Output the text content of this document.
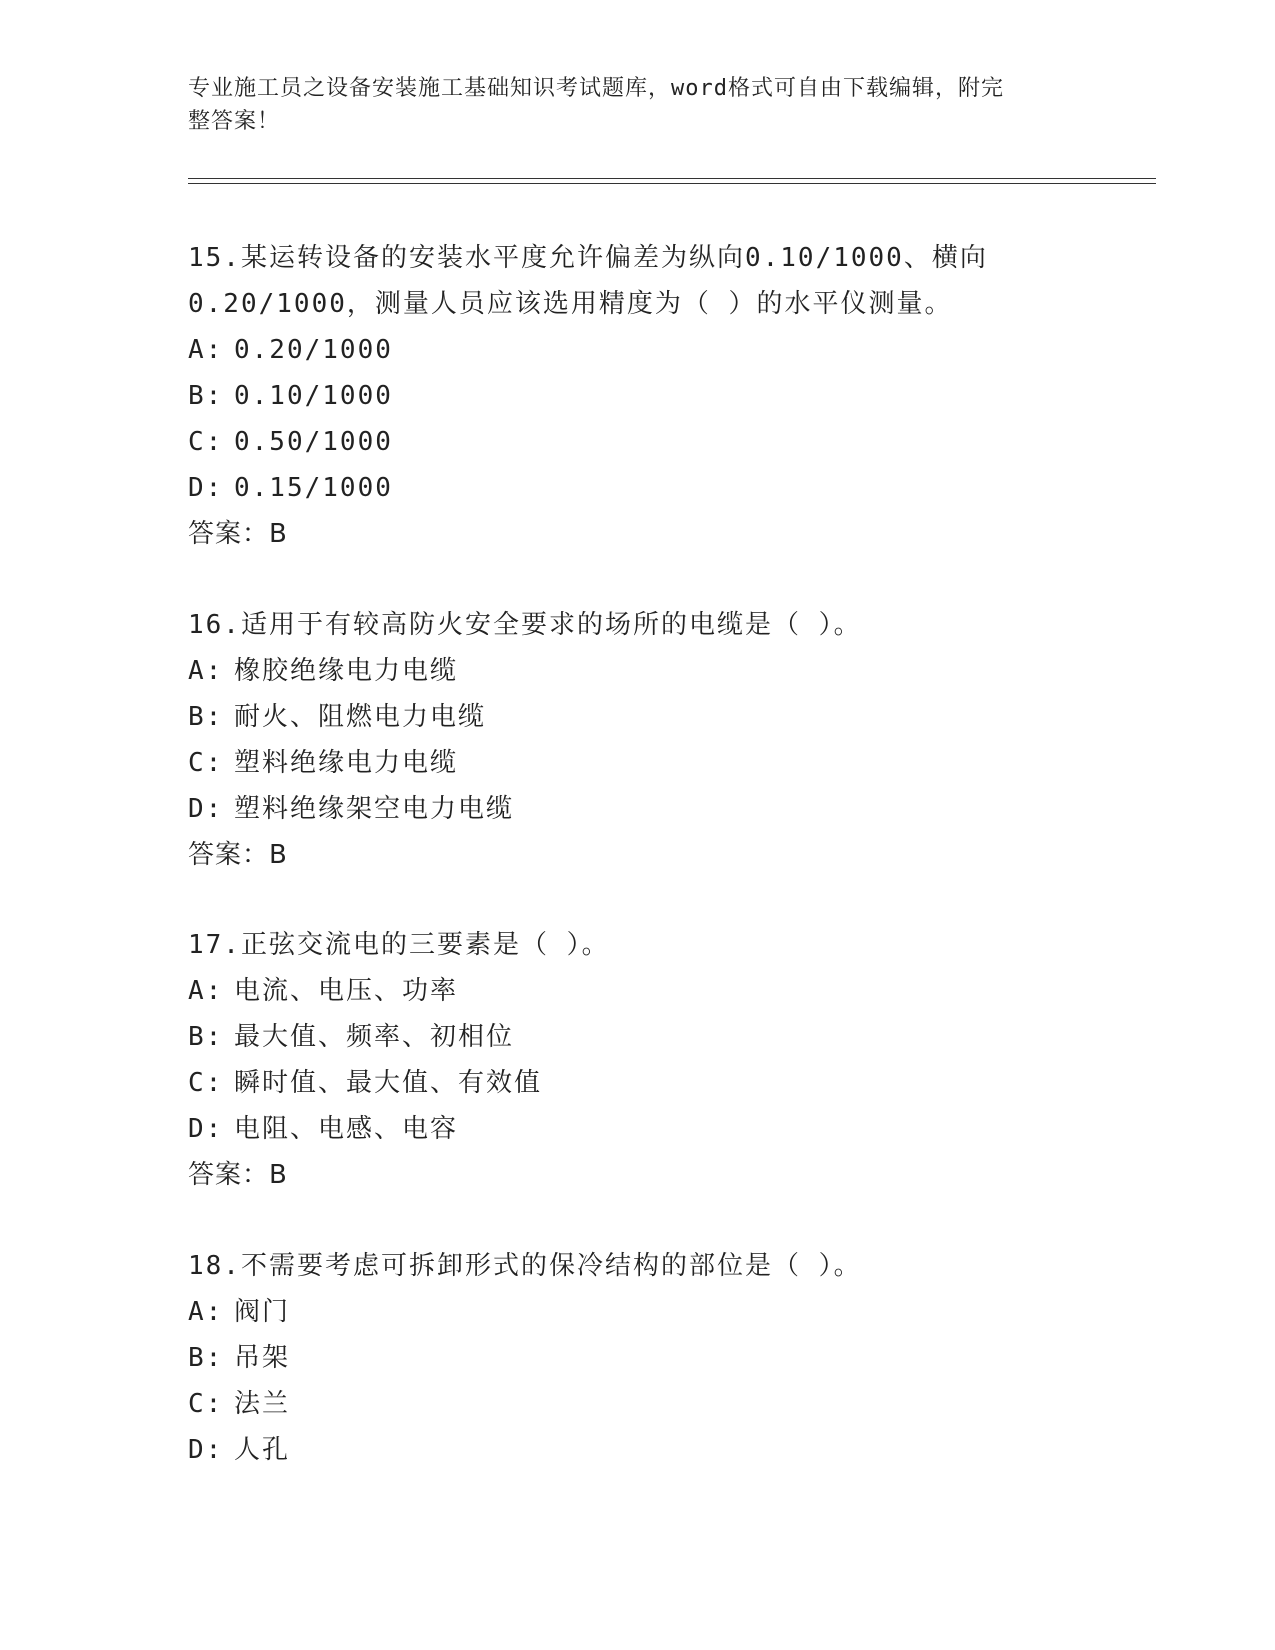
专业施工员之设备安装施工基础知识考试题库，word格式可自由下载编辑，附完
整答案！

15.某运转设备的安装水平度允许偏差为纵向0.10/1000、横向

0.20/1000，测量人员应该选用精度为（ ）的水平仪测量。

A: 0.20/1000

B: 0.10/1000

C: 0.50/1000

D: 0.15/1000

答案：B

16.适用于有较高防火安全要求的场所的电缆是（ ）。

A: 橡胶绝缘电力电缆

B: 耐火、阻燃电力电缆

C: 塑料绝缘电力电缆

D: 塑料绝缘架空电力电缆

答案：B

17.正弦交流电的三要素是（ ）。

A: 电流、电压、功率

B: 最大值、频率、初相位

C: 瞬时值、最大值、有效值

D: 电阻、电感、电容

答案：B

18.不需要考虑可拆卸形式的保冷结构的部位是（ ）。

A: 阀门

B: 吊架

C: 法兰

D: 人孔
